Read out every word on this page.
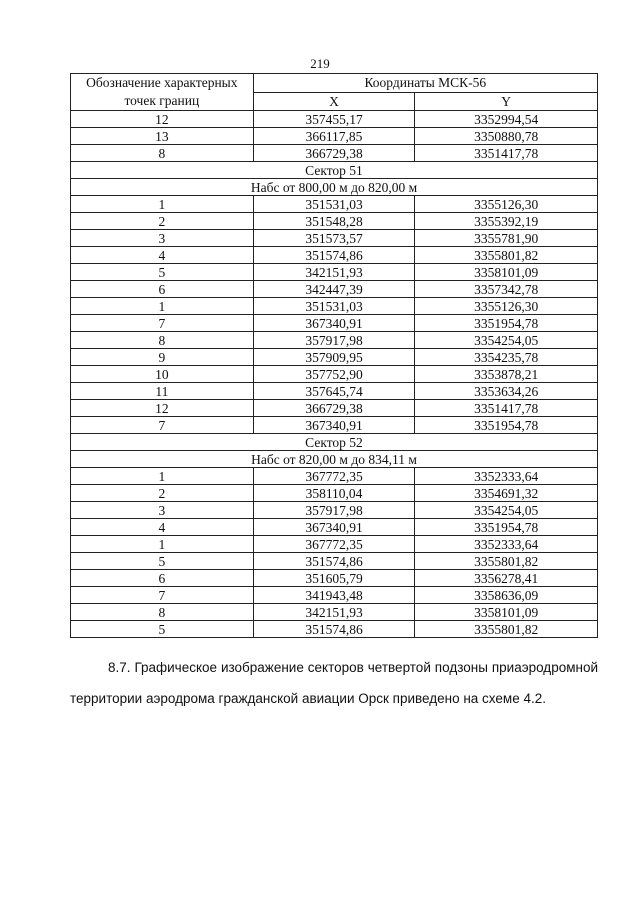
219
Обозначение характерных точек границ	Координаты МСК-56	
	X	Y
12	357455,17	3352994,54
13	366117,85	3350880,78
8	366729,38	3351417,78
Сектор 51		
Набс от 800,00 м до 820,00 м		
1	351531,03	3355126,30
2	351548,28	3355392,19
3	351573,57	3355781,90
4	351574,86	3355801,82
5	342151,93	3358101,09
6	342447,39	3357342,78
1	351531,03	3355126,30
7	367340,91	3351954,78
8	357917,98	3354254,05
9	357909,95	3354235,78
10	357752,90	3353878,21
11	357645,74	3353634,26
12	366729,38	3351417,78
7	367340,91	3351954,78
Сектор 52		
Набс от 820,00 м до 834,11 м		
1	367772,35	3352333,64
2	358110,04	3354691,32
3	357917,98	3354254,05
4	367340,91	3351954,78
1	367772,35	3352333,64
5	351574,86	3355801,82
6	351605,79	3356278,41
7	341943,48	3358636,09
8	342151,93	3358101,09
5	351574,86	3355801,82

8.7. Графическое изображение секторов четвертой подзоны приаэродромной территории аэродрома гражданской авиации Орск приведено на схеме 4.2.
